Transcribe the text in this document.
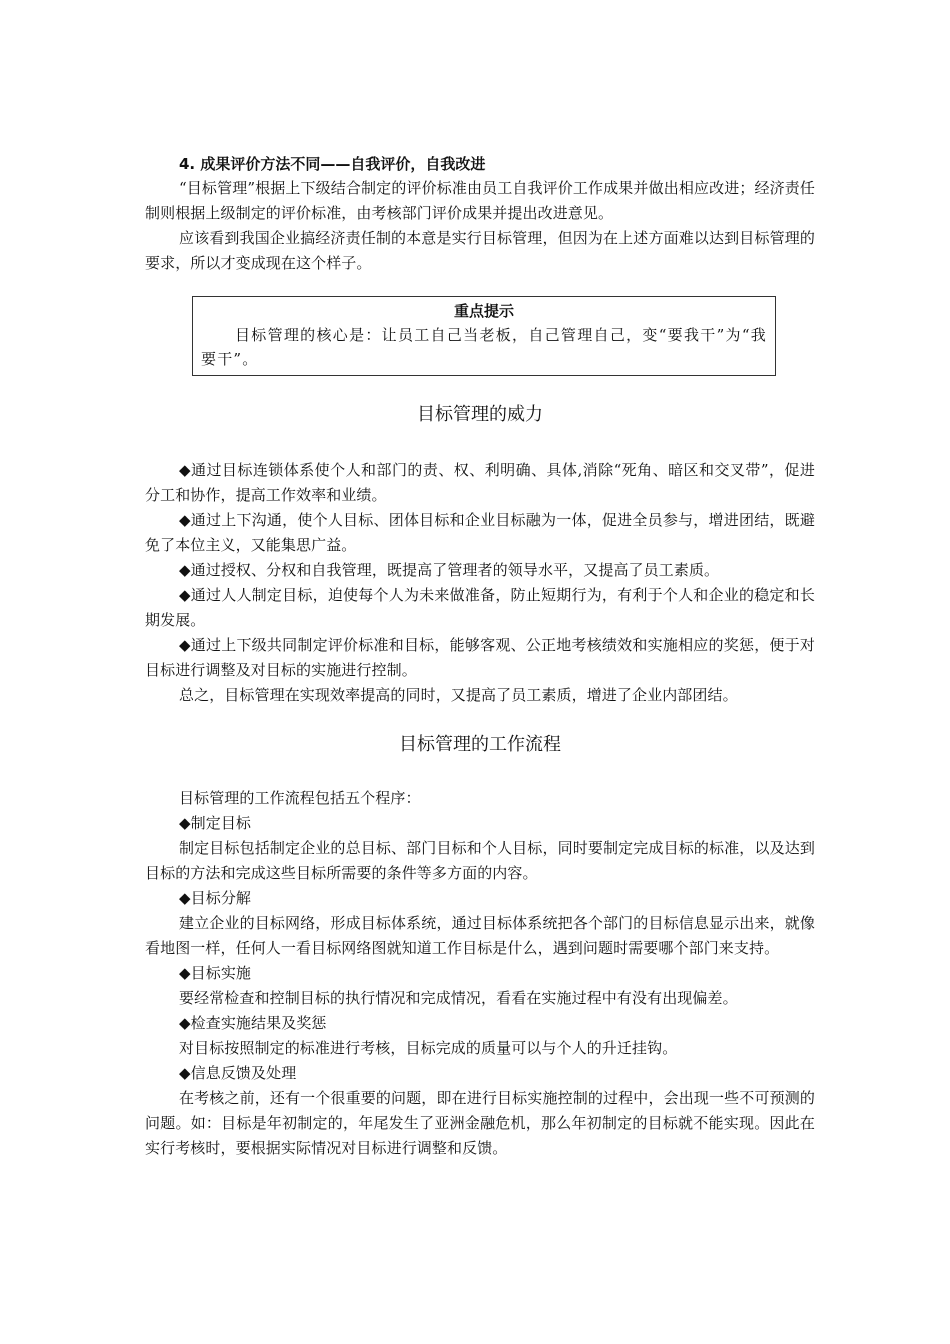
4. 成果评价方法不同——自我评价，自我改进

“目标管理”根据上下级结合制定的评价标准由员工自我评价工作成果并做出相应改进；经济责任制则根据上级制定的评价标准，由考核部门评价成果并提出改进意见。

应该看到我国企业搞经济责任制的本意是实行目标管理，但因为在上述方面难以达到目标管理的要求，所以才变成现在这个样子。

重点提示
目标管理的核心是：让员工自己当老板，自己管理自己，变“要我干”为“我要干”。
目标管理的威力

◆通过目标连锁体系使个人和部门的责、权、利明确、具体,消除“死角、暗区和交叉带”，促进分工和协作，提高工作效率和业绩。

◆通过上下沟通，使个人目标、团体目标和企业目标融为一体，促进全员参与，增进团结，既避免了本位主义，又能集思广益。

◆通过授权、分权和自我管理，既提高了管理者的领导水平，又提高了员工素质。

◆通过人人制定目标，迫使每个人为未来做准备，防止短期行为，有利于个人和企业的稳定和长期发展。

◆通过上下级共同制定评价标准和目标，能够客观、公正地考核绩效和实施相应的奖惩，便于对目标进行调整及对目标的实施进行控制。

总之，目标管理在实现效率提高的同时，又提高了员工素质，增进了企业内部团结。

目标管理的工作流程

目标管理的工作流程包括五个程序：

◆制定目标

制定目标包括制定企业的总目标、部门目标和个人目标，同时要制定完成目标的标准，以及达到目标的方法和完成这些目标所需要的条件等多方面的内容。

◆目标分解

建立企业的目标网络，形成目标体系统，通过目标体系统把各个部门的目标信息显示出来，就像看地图一样，任何人一看目标网络图就知道工作目标是什么，遇到问题时需要哪个部门来支持。

◆目标实施

要经常检查和控制目标的执行情况和完成情况，看看在实施过程中有没有出现偏差。

◆检查实施结果及奖惩

对目标按照制定的标准进行考核，目标完成的质量可以与个人的升迁挂钩。

◆信息反馈及处理

在考核之前，还有一个很重要的问题，即在进行目标实施控制的过程中，会出现一些不可预测的问题。如：目标是年初制定的，年尾发生了亚洲金融危机，那么年初制定的目标就不能实现。因此在实行考核时，要根据实际情况对目标进行调整和反馈。
